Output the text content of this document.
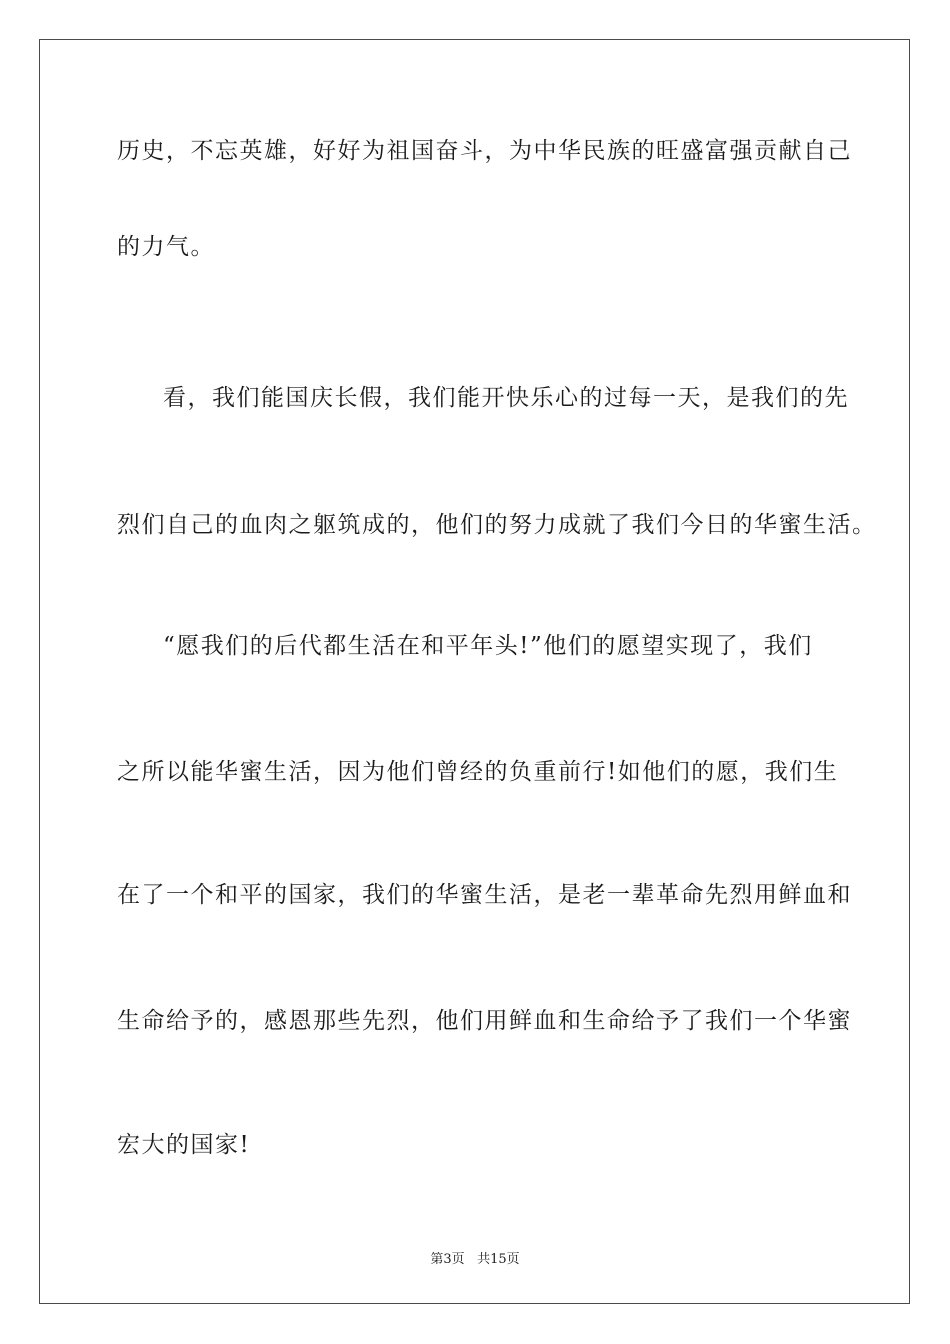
历史，不忘英雄，好好为祖国奋斗，为中华民族的旺盛富强贡献自己
的力气。
看，我们能国庆长假，我们能开快乐心的过每一天，是我们的先
烈们自己的血肉之躯筑成的，他们的努力成就了我们今日的华蜜生活。
“愿我们的后代都生活在和平年头!”他们的愿望实现了，我们
之所以能华蜜生活，因为他们曾经的负重前行!如他们的愿，我们生
在了一个和平的国家，我们的华蜜生活，是老一辈革命先烈用鲜血和
生命给予的，感恩那些先烈，他们用鲜血和生命给予了我们一个华蜜
宏大的国家!
第3页 共15页
